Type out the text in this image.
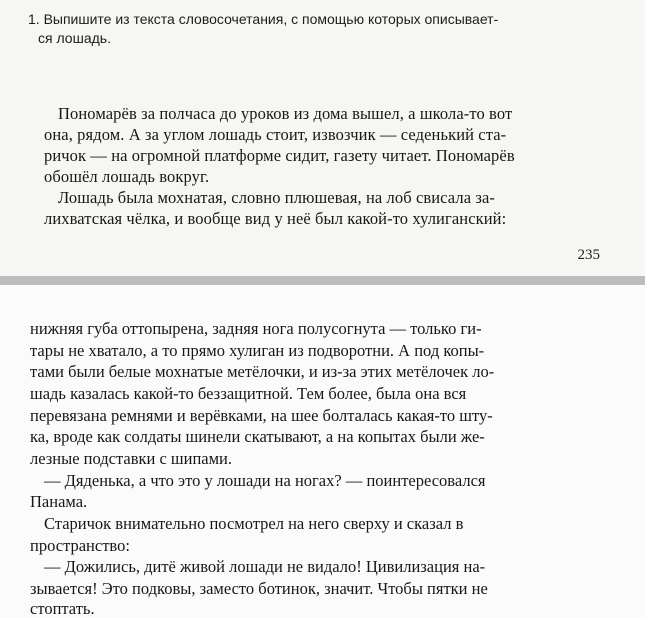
1. Выпишите из текста словосочетания, с помощью которых описывает-
ся лошадь.
Пономарёв за полчаса до уроков из дома вышел, а школа-то вот
она, рядом. А за углом лошадь стоит, извозчик — седенький ста-
ричок — на огромной платформе сидит, газету читает. Пономарёв
обошёл лошадь вокруг.
Лошадь была мохнатая, словно плюшевая, на лоб свисала за-
лихватская чёлка, и вообще вид у неё был какой-то хулиганский:
235
нижняя губа оттопырена, задняя нога полусогнута — только ги-
тары не хватало, а то прямо хулиган из подворотни. А под копы-
тами были белые мохнатые метёлочки, и из-за этих метёлочек ло-
шадь казалась какой-то беззащитной. Тем более, была она вся
перевязана ремнями и верёвками, на шее болталась какая-то шту-
ка, вроде как солдаты шинели скатывают, а на копытах были же-
лезные подставки с шипами.
— Дяденька, а что это у лошади на ногах? — поинтересовался
Панама.
Старичок внимательно посмотрел на него сверху и сказал в
пространство:
— Дожились, дитё живой лошади не видало! Цивилизация на-
зывается! Это подковы, заместо ботинок, значит. Чтобы пятки не
стоптать.
